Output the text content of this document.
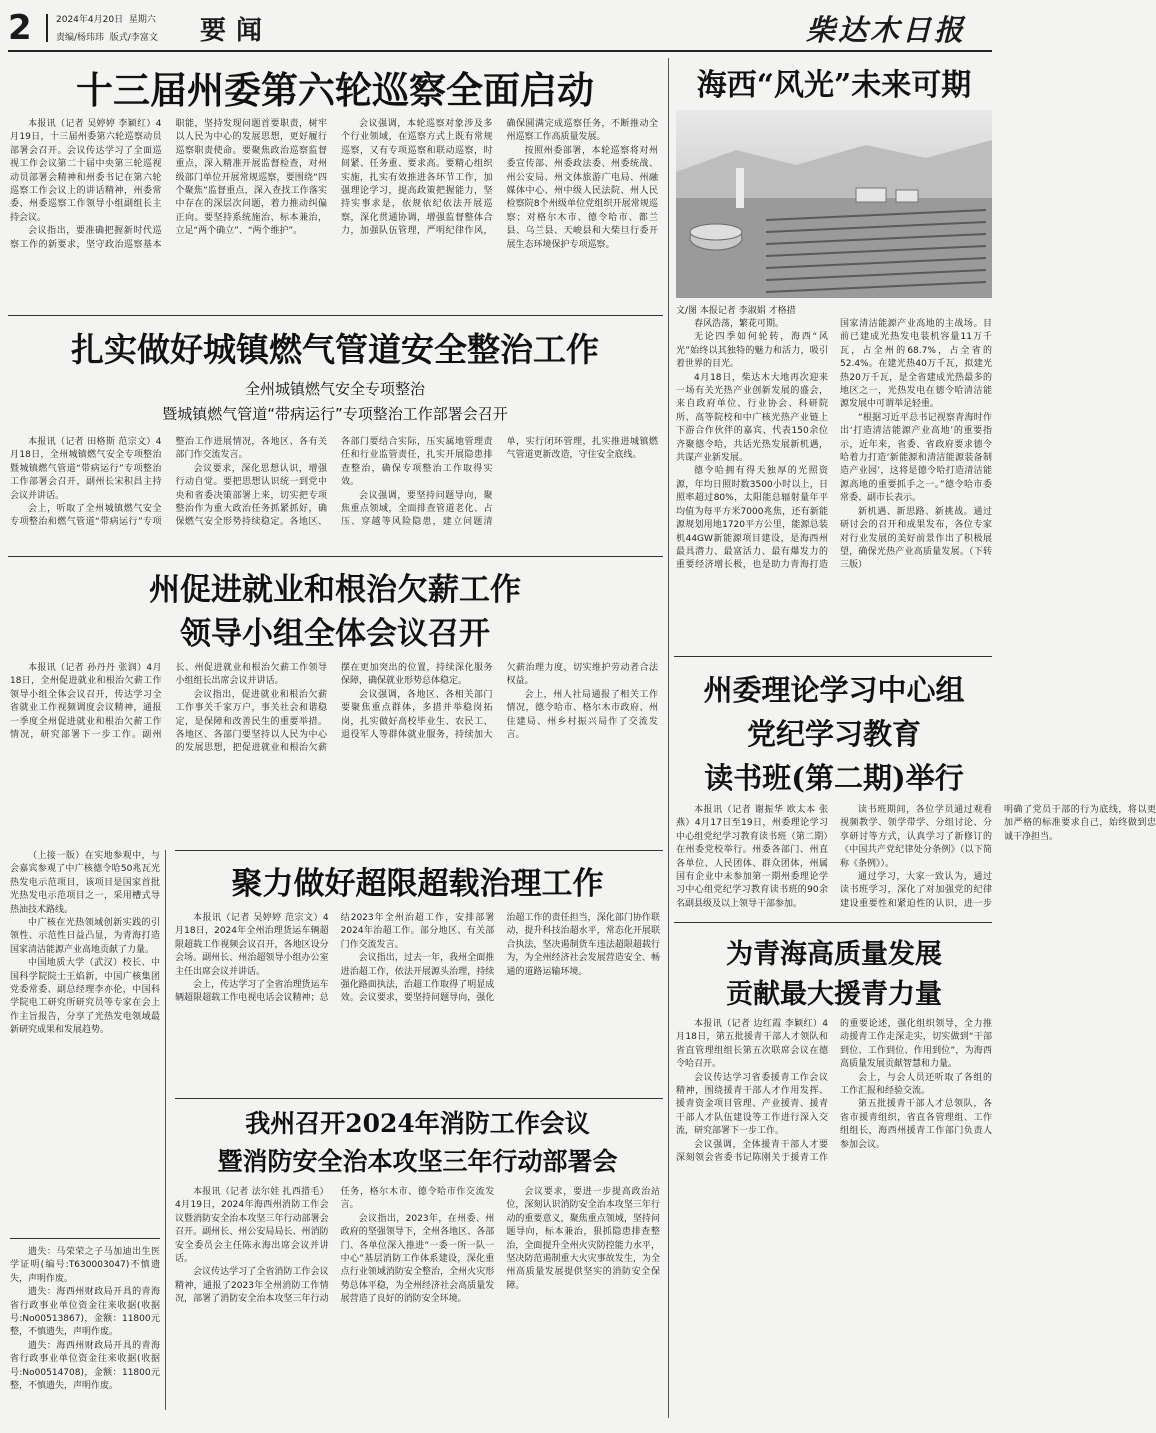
2	2024年4月20日 星期六
责编/杨玮玮 版式/李富文 要闻	柴达木日报
十三届州委第六轮巡察全面启动
本报讯（记者 吴婷婷 李颖红）4月19日，十三届州委第六轮巡察动员部署会召开。会议传达学习了全面巡视工作会议第二十届中央第三轮巡视动员部署会精神和州委书记在第六轮巡察工作会议上的讲话精神，州委常委、州委巡察工作领导小组副组长主持会议。
会议指出，要准确把握新时代巡察工作的新要求，坚守政治巡察基本职能，坚持发现问题首要职责，树牢以人民为中心的发展思想，更好履行巡察职责使命。要聚焦政治巡察监督重点，深入精准开展监督检查，对州级部门单位开展常规巡察，要围绕“四个聚焦”监督重点，深入查找工作落实中存在的深层次问题，着力推动纠偏正向。要坚持系统施治、标本兼治，立足“两个确立”、“两个维护”。
会议强调，本轮巡察对象涉及多个行业领域，在巡察方式上既有常规巡察，又有专项巡察和联动巡察，时间紧、任务重、要求高。要精心组织实施，扎实有效推进各环节工作，加强理论学习，提高政策把握能力，坚持实事求是，依规依纪依法开展巡察，深化贯通协调，增强监督整体合力，加强队伍管理，严明纪律作风，确保圆满完成巡察任务，不断推动全州巡察工作高质量发展。
按照州委部署，本轮巡察将对州委宣传部、州委政法委、州委统战、州公安局、州文体旅游广电局、州融媒体中心、州中级人民法院、州人民检察院8个州级单位党组织开展常规巡察；对格尔木市、德令哈市、都兰县、乌兰县、天峻县和大柴旦行委开展生态环境保护专项巡察。
扎实做好城镇燃气管道安全整治工作
全州城镇燃气安全专项整治
暨城镇燃气管道“带病运行”专项整治工作部署会召开
本报讯（记者 田格斯 范宗文）4月18日，全州城镇燃气安全专项整治暨城镇燃气管道“带病运行”专项整治工作部署会召开，副州长宋积昌主持会议并讲话。
会上，听取了全州城镇燃气安全专项整治和燃气管道“带病运行”专项整治工作进展情况，各地区、各有关部门作交流发言。
会议要求，深化思想认识，增强行动自觉。要把思想认识统一到党中央和省委决策部署上来，切实把专项整治作为重大政治任务抓紧抓好，确保燃气安全形势持续稳定。各地区、各部门要结合实际，压实属地管理责任和行业监管责任，扎实开展隐患排查整治，确保专项整治工作取得实效。
会议强调，要坚持问题导向，聚焦重点领域，全面排查管道老化、占压、穿越等风险隐患，建立问题清单，实行闭环管理，扎实推进城镇燃气管道更新改造，守住安全底线。
州促进就业和根治欠薪工作
领导小组全体会议召开
本报讯（记者 孙丹丹 张润）4月18日，全州促进就业和根治欠薪工作领导小组全体会议召开，传达学习全省就业工作视频调度会议精神，通报一季度全州促进就业和根治欠薪工作情况，研究部署下一步工作。副州长、州促进就业和根治欠薪工作领导小组组长出席会议并讲话。
会议指出，促进就业和根治欠薪工作事关千家万户，事关社会和谐稳定，是保障和改善民生的重要举措。各地区、各部门要坚持以人民为中心的发展思想，把促进就业和根治欠薪摆在更加突出的位置，持续深化服务保障，确保就业形势总体稳定。
会议强调，各地区、各相关部门要聚焦重点群体，多措并举稳岗拓岗，扎实做好高校毕业生、农民工、退役军人等群体就业服务，持续加大欠薪治理力度，切实维护劳动者合法权益。
会上，州人社局通报了相关工作情况，德令哈市、格尔木市政府、州住建局、州乡村振兴局作了交流发言。
（上接一版）在实地参观中，与会嘉宾参观了中广核德令哈50兆瓦光热发电示范项目，该项目是国家首批光热发电示范项目之一，采用槽式导热油技术路线。
中广核在光热领域创新实践的引领性、示范性日益凸显，为青海打造国家清洁能源产业高地贡献了力量。
中国地质大学（武汉）校长、中国科学院院士王焰新，中国广核集团党委常委、副总经理李亦伦，中国科学院电工研究所研究员等专家在会上作主旨报告，分享了光热发电领域最新研究成果和发展趋势。
遗失：马荣荣之子马加迪出生医学证明(编号:T630003047)不慎遗失，声明作废。
遗失：海西州财政局开具的青海省行政事业单位资金往来收据(收据号:No00513867)，金额：11800元整，不慎遗失，声明作废。
遗失：海西州财政局开具的青海省行政事业单位资金往来收据(收据号:No00514708)，金额：11800元整，不慎遗失，声明作废。
聚力做好超限超载治理工作
本报讯（记者 吴婷婷 范宗文）4月18日，2024年全州治理货运车辆超限超载工作视频会议召开，各地区设分会场。副州长、州治超领导小组办公室主任出席会议并讲话。
会上，传达学习了全省治理货运车辆超限超载工作电视电话会议精神；总结2023年全州治超工作，安排部署2024年治超工作。部分地区、有关部门作交流发言。
会议指出，过去一年，我州全面推进治超工作，依法开展源头治理，持续强化路面执法，治超工作取得了明显成效。会议要求，要坚持问题导向，强化治超工作的责任担当，深化部门协作联动，提升科技治超水平，常态化开展联合执法，坚决遏制货车违法超限超载行为，为全州经济社会发展营造安全、畅通的道路运输环境。
我州召开2024年消防工作会议
暨消防安全治本攻坚三年行动部署会
本报讯（记者 法尔娃 扎西措毛）4月19日，2024年海西州消防工作会议暨消防安全治本攻坚三年行动部署会召开。副州长、州公安局局长、州消防安全委员会主任陈永海出席会议并讲话。
会议传达学习了全省消防工作会议精神，通报了2023年全州消防工作情况，部署了消防安全治本攻坚三年行动任务，格尔木市、德令哈市作交流发言。
会议指出，2023年，在州委、州政府的坚强领导下，全州各地区、各部门、各单位深入推进“一委一所一队一中心”基层消防工作体系建设，深化重点行业领域消防安全整治，全州火灾形势总体平稳，为全州经济社会高质量发展营造了良好的消防安全环境。
会议要求，要进一步提高政治站位，深刻认识消防安全治本攻坚三年行动的重要意义，聚焦重点领域，坚持问题导向，标本兼治，狠抓隐患排查整治，全面提升全州火灾防控能力水平，坚决防范遏制重大火灾事故发生，为全州高质量发展提供坚实的消防安全保障。
海西“风光”未来可期
文/图 本报记者 李淑娟 才格措
春风浩荡，繁花可期。
无论四季如何轮转，海西“风光”始终以其独特的魅力和活力，吸引着世界的目光。
4月18日，柴达木大地再次迎来一场有关光热产业创新发展的盛会，来自政府单位、行业协会、科研院所、高等院校和中广核光热产业链上下游合作伙伴的嘉宾、代表150余位齐聚德令哈，共话光热发展新机遇，共谋产业新发展。
德令哈拥有得天独厚的光照资源，年均日照时数3500小时以上，日照率超过80%，太阳能总辐射量年平均值为每平方米7000兆焦，还有新能源规划用地1720平方公里，能源总装机44GW新能源项目建设，是海西州最具潜力、最富活力、最有爆发力的重要经济增长极，也是助力青海打造国家清洁能源产业高地的主战场。目前已建成光热发电装机容量11万千瓦，占全州的68.7%，占全省的52.4%。在建光热40万千瓦，拟建光热20万千瓦，是全省建成光热最多的地区之一，光热发电在德令哈清洁能源发展中可谓举足轻重。
“根据习近平总书记视察青海时作出‘打造清洁能源产业高地’的重要指示，近年来，省委、省政府要求德令哈着力打造‘新能源和清洁能源装备制造产业园’，这将是德令哈打造清洁能源高地的重要抓手之一。”德令哈市委常委、副市长表示。
新机遇、新思路、新挑战。通过研讨会的召开和成果发布，各位专家对行业发展的美好前景作出了积极展望，确保光热产业高质量发展。（下转三版）
州委理论学习中心组
党纪学习教育
读书班(第二期)举行
本报讯（记者 谢振华 欧太本 张燕）4月17日至19日，州委理论学习中心组党纪学习教育读书班（第二期）在州委党校举行。州委各部门、州直各单位、人民团体、群众团体，州属国有企业中未参加第一期州委理论学习中心组党纪学习教育读书班的90余名副县级及以上领导干部参加。
读书班期间，各位学员通过观看视频教学、领学带学、分组讨论、分享研讨等方式，认真学习了新修订的《中国共产党纪律处分条例》（以下简称《条例》）。
通过学习，大家一致认为，通过读书班学习，深化了对加强党的纪律建设重要性和紧迫性的认识，进一步明确了党员干部的行为底线，将以更加严格的标准要求自己，始终做到忠诚干净担当。
为青海高质量发展
贡献最大援青力量
本报讯（记者 边红霞 李颖红）4月18日，第五批援青干部人才领队和省直管理组组长第五次联席会议在德令哈召开。
会议传达学习省委援青工作会议精神，围绕援青干部人才作用发挥、援青资金项目管理、产业援青、援青干部人才队伍建设等工作进行深入交流，研究部署下一步工作。
会议强调，全体援青干部人才要深刻领会省委书记陈刚关于援青工作的重要论述，强化组织领导，全力推动援青工作走深走实，切实做到“干部到位、工作到位、作用到位”，为海西高质量发展贡献智慧和力量。
会上，与会人员还听取了各组的工作汇报和经验交流。
第五批援青干部人才总领队，各省市援青组织，省直各管理组、工作组组长，海西州援青工作部门负责人参加会议。
